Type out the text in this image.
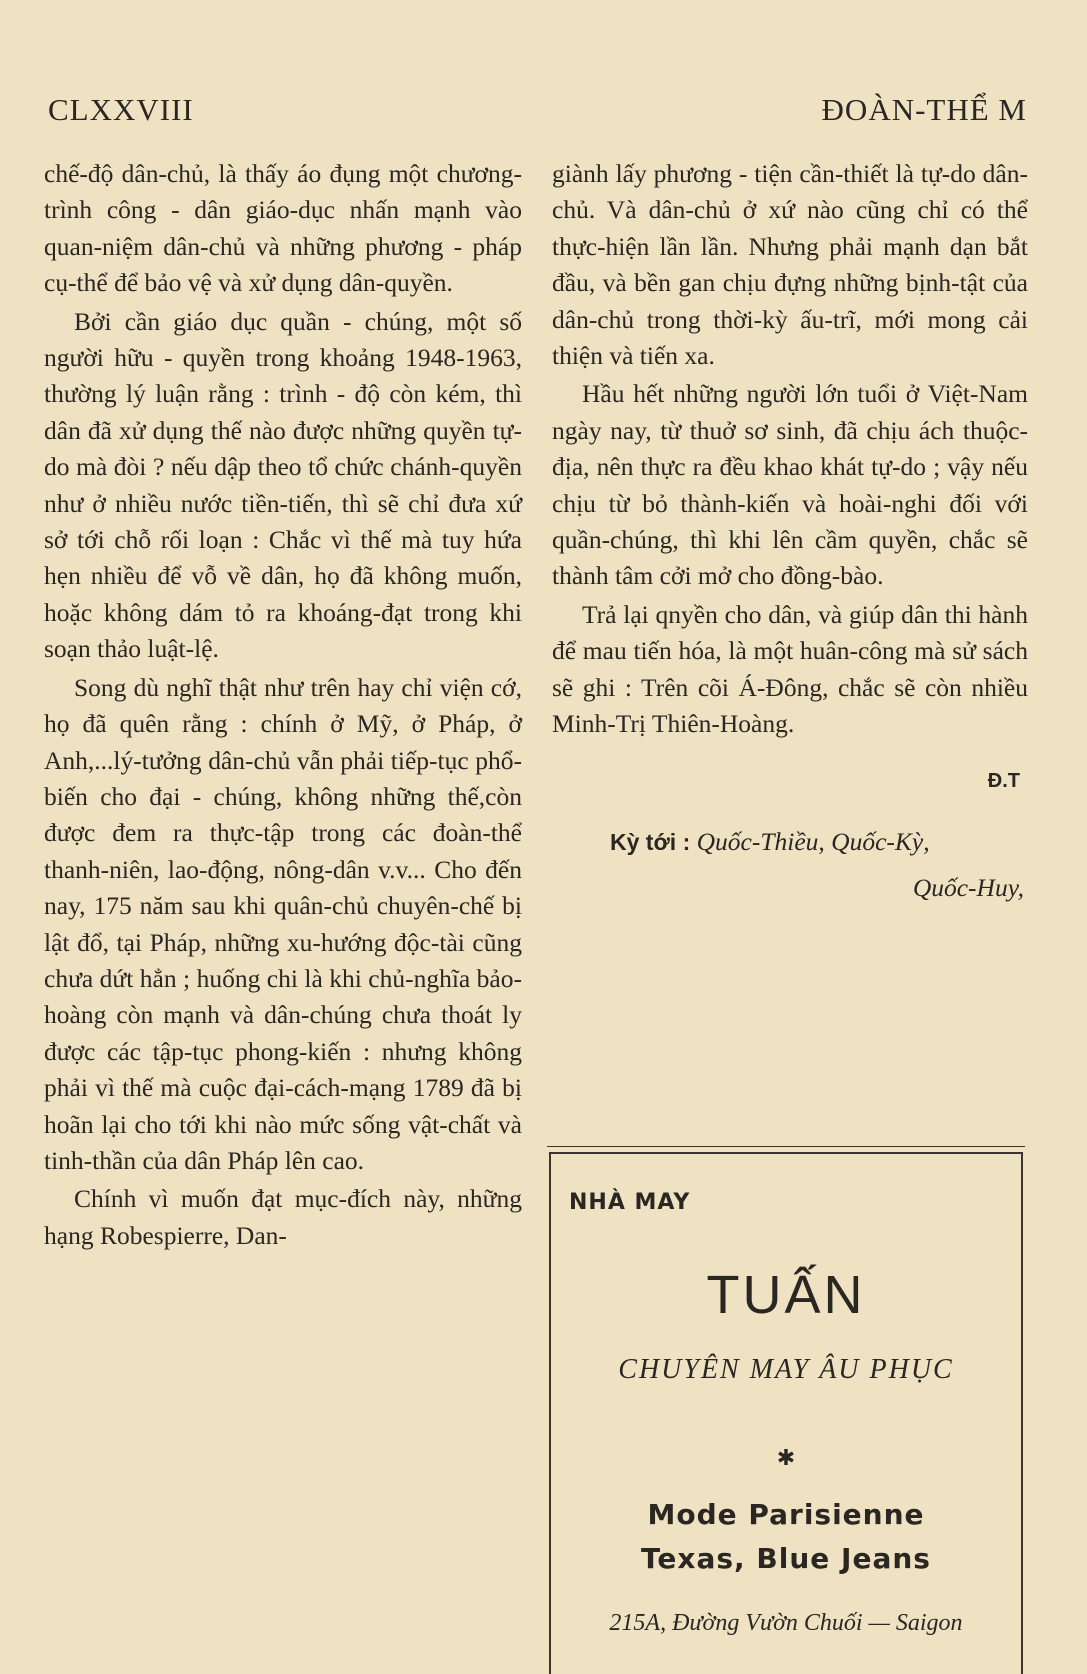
CLXXVIII	ĐOÀN-THỂ M

chế-độ dân-chủ, là thấy áo đụng một chương-trình công - dân giáo-dục nhấn mạnh vào quan-niệm dân-chủ và những phương - pháp cụ-thể để bảo vệ và xử dụng dân-quyền.

Bởi cần giáo dục quần - chúng, một số người hữu - quyền trong khoảng 1948-1963, thường lý luận rằng : trình - độ còn kém, thì dân đã xử dụng thế nào được những quyền tự-do mà đòi ? nếu dập theo tổ chức chánh-quyền như ở nhiều nước tiền-tiến, thì sẽ chỉ đưa xứ sở tới chỗ rối loạn : Chắc vì thế mà tuy hứa hẹn nhiều để vỗ về dân, họ đã không muốn, hoặc không dám tỏ ra khoáng-đạt trong khi soạn thảo luật-lệ.

Song dù nghĩ thật như trên hay chỉ viện cớ, họ đã quên rằng : chính ở Mỹ, ở Pháp, ở Anh,...lý-tưởng dân-chủ vẫn phải tiếp-tục phổ-biến cho đại - chúng, không những thế,còn được đem ra thực-tập trong các đoàn-thể thanh-niên, lao-động, nông-dân v.v... Cho đến nay, 175 năm sau khi quân-chủ chuyên-chế bị lật đổ, tại Pháp, những xu-hướng độc-tài cũng chưa dứt hẳn ; huống chi là khi chủ-nghĩa bảo-hoàng còn mạnh và dân-chúng chưa thoát ly được các tập-tục phong-kiến : nhưng không phải vì thế mà cuộc đại-cách-mạng 1789 đã bị hoãn lại cho tới khi nào mức sống vật-chất và tinh-thần của dân Pháp lên cao.

Chính vì muốn đạt mục-đích này, những hạng Robespierre, Dan-

giành lấy phương - tiện cần-thiết là tự-do dân-chủ. Và dân-chủ ở xứ nào cũng chỉ có thể thực-hiện lần lần. Nhưng phải mạnh dạn bắt đầu, và bền gan chịu đựng những bịnh-tật của dân-chủ trong thời-kỳ ấu-trĩ, mới mong cải thiện và tiến xa.

Hầu hết những người lớn tuổi ở Việt-Nam ngày nay, từ thuở sơ sinh, đã chịu ách thuộc-địa, nên thực ra đều khao khát tự-do ; vậy nếu chịu từ bỏ thành-kiến và hoài-nghi đối với quần-chúng, thì khi lên cầm quyền, chắc sẽ thành tâm cởi mở cho đồng-bào.

Trả lại qnyền cho dân, và giúp dân thi hành để mau tiến hóa, là một huân-công mà sử sách sẽ ghi : Trên cõi Á-Đông, chắc sẽ còn nhiều Minh-Trị Thiên-Hoàng.

Đ.T
Kỳ tới : Quốc-Thiều, Quốc-Kỳ,
Quốc-Huy,
NHÀ MAY
TUẤN
CHUYÊN MAY ÂU PHỤC
✱
Mode Parisienne
Texas, Blue Jeans
215A, Đường Vườn Chuối — Saigon
